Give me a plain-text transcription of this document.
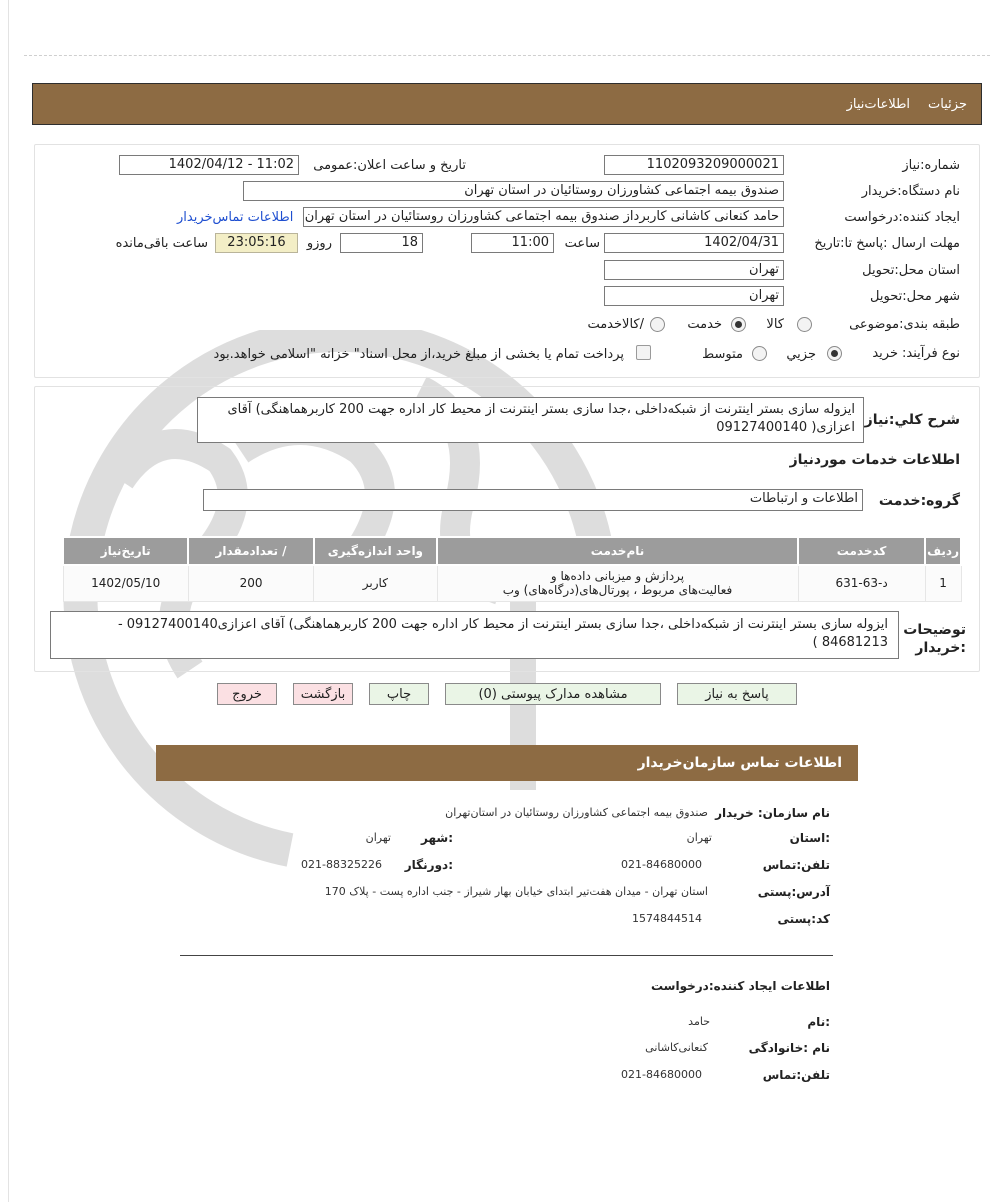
جزئیات
اطلاعات‌نیاز
شماره:نیاز
1102093209000021
تاریخ و ساعت اعلان:عمومی
1402/04/12 - 11:02
نام دستگاه:خریدار
صندوق بیمه اجتماعی کشاورزان روستائیان در استان تهران
ایجاد کننده:درخواست
حامد کنعانی کاشانی کاربرداز صندوق بیمه اجتماعی کشاورزان روستائیان در استان تهران
اطلاعات تماس‌خریدار
مهلت ارسال :پاسخ تا:تاریخ
1402/04/31
ساعت
11:00
18
روزو
23:05:16
ساعت باقی‌مانده
استان محل:تحویل
تهران
شهر محل:تحویل
تهران
طبقه بندی:موضوعی
کالا
خدمت
/کالاخدمت
نوع فرآیند:
خرید
جزیي
متوسط
پرداخت تمام یا بخشی از مبلغ خرید،از محل اسناد" خزانه "اسلامی خواهد.بود
شرح کلي:نیاز
ایزوله سازی بستر اینترنت از شبکه‌داخلی ،جدا سازی بستر اینترنت از محیط کار اداره جهت 200 کاربرهماهنگی) آقای اعزازی( 09127400140
اطلاعات خدمات موردنیاز
گروه:خدمت
اطلاعات و ارتباطات
ردیف	کدخدمت	نام‌خدمت	واحد اندازه‌گیری	/ تعدادمقدار	تاریخ‌نیاز
1	د-63-631	پردازش و میزبانی داده‌ها و
فعالیت‌های مربوط ، پورتال‌های(درگاه‌های) وب	کاربر	200	1402/05/10
توضیحات
:خریدار
ایزوله سازی بستر اینترنت از شبکه‌داخلی ،جدا سازی بستر اینترنت از محیط کار اداره جهت 200 کاربرهماهنگی) آقای اعزازی09127400140 - 84681213 )
پاسخ به نیاز
مشاهده مدارک پیوستی (0)
چاپ
بازگشت
خروج
اطلاعات تماس سازمان‌خریدار
نام سازمان: خریدار
صندوق بیمه اجتماعی کشاورزان روستائیان در استان‌تهران
:استان
تهران
:شهر
تهران
تلفن:تماس
021-84680000
:دورنگار
021-88325226
آدرس:پستی
استان تهران - میدان هفت‌تیر ابتدای خیابان بهار شیراز - جنب اداره پست - پلاک 170
کد:پستی
1574844514
اطلاعات ایجاد کننده:درخواست
:نام
حامد
نام :خانوادگی
کنعانی‌کاشانی
تلفن:تماس
021-84680000
